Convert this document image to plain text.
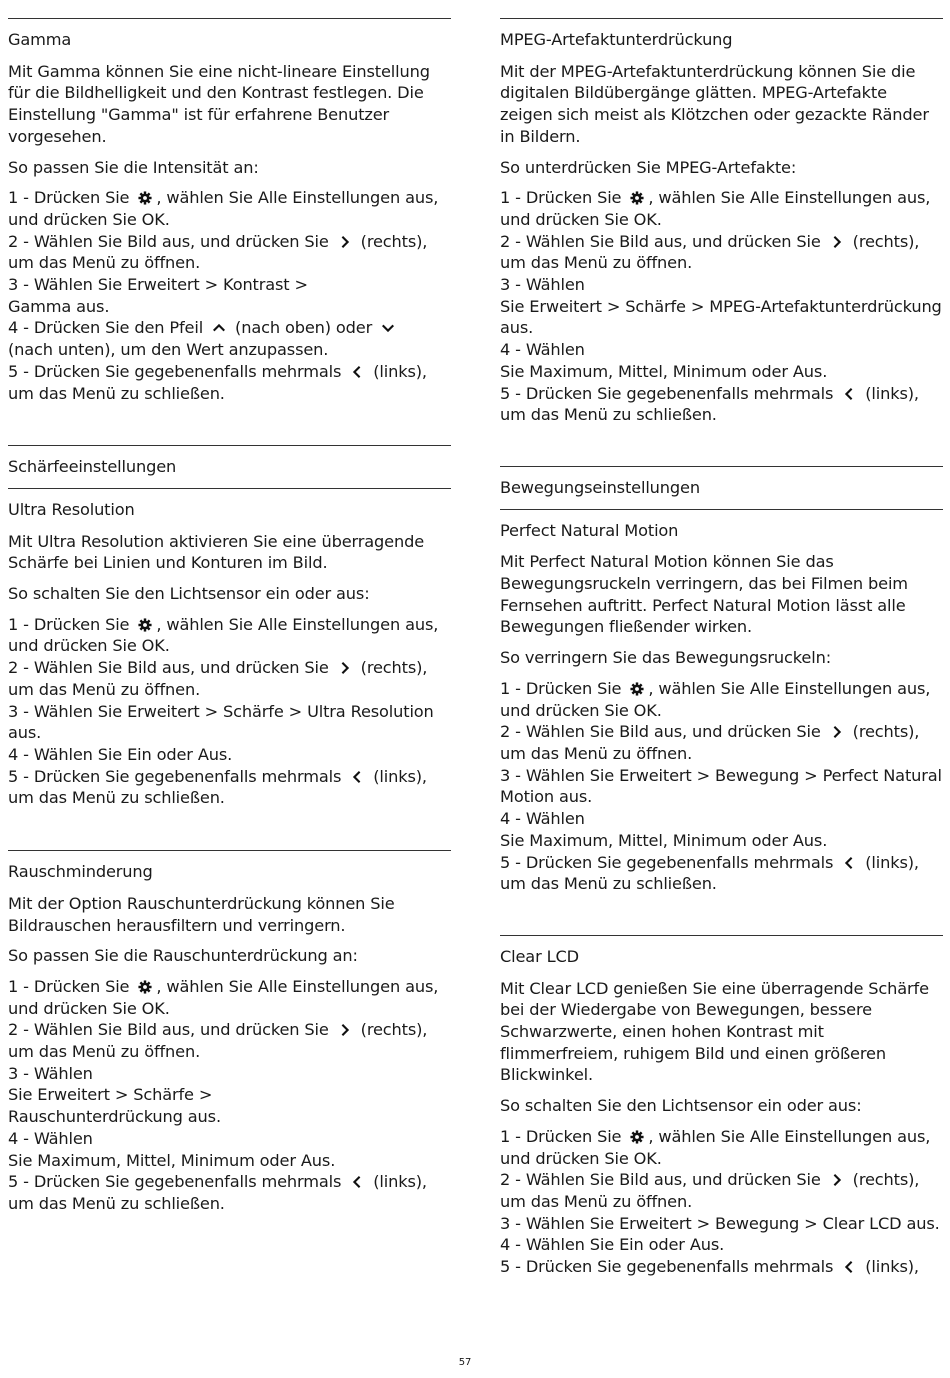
Gamma

Mit Gamma können Sie eine nicht-lineare Einstellung für die Bildhelligkeit und den Kontrast festlegen. Die Einstellung "Gamma" ist für erfahrene Benutzer vorgesehen.

So passen Sie die Intensität an:

1 - Drücken Sie
, wählen Sie Alle Einstellungen aus, und drücken Sie OK.
2 - Wählen Sie Bild aus, und drücken Sie
(rechts), um das Menü zu öffnen.
3 - Wählen Sie Erweitert > Kontrast >
Gamma aus.
4 - Drücken Sie den Pfeil
(nach oben) oder

(nach unten), um den Wert anzupassen.
5 - Drücken Sie gegebenenfalls mehrmals
(links), um das Menü zu schließen.
Schärfeeinstellungen
Ultra Resolution

Mit Ultra Resolution aktivieren Sie eine überragende Schärfe bei Linien und Konturen im Bild.

So schalten Sie den Lichtsensor ein oder aus:

1 - Drücken Sie
, wählen Sie Alle Einstellungen aus, und drücken Sie OK.
2 - Wählen Sie Bild aus, und drücken Sie
(rechts), um das Menü zu öffnen.
3 - Wählen Sie Erweitert > Schärfe > Ultra Resolution aus.
4 - Wählen Sie Ein oder Aus.
5 - Drücken Sie gegebenenfalls mehrmals
(links), um das Menü zu schließen.
Rauschminderung

Mit der Option Rauschunterdrückung können Sie Bildrauschen herausfiltern und verringern.

So passen Sie die Rauschunterdrückung an:

1 - Drücken Sie
, wählen Sie Alle Einstellungen aus, und drücken Sie OK.
2 - Wählen Sie Bild aus, und drücken Sie
(rechts), um das Menü zu öffnen.
3 - Wählen
Sie Erweitert > Schärfe >
Rauschunterdrückung aus.
4 - Wählen
Sie Maximum, Mittel, Minimum oder Aus.
5 - Drücken Sie gegebenenfalls mehrmals
(links), um das Menü zu schließen.
MPEG-Artefaktunterdrückung

Mit der MPEG-Artefaktunterdrückung können Sie die digitalen Bildübergänge glätten. MPEG-Artefakte zeigen sich meist als Klötzchen oder gezackte Ränder in Bildern.

So unterdrücken Sie MPEG-Artefakte:

1 - Drücken Sie
, wählen Sie Alle Einstellungen aus, und drücken Sie OK.
2 - Wählen Sie Bild aus, und drücken Sie
(rechts), um das Menü zu öffnen.
3 - Wählen
Sie Erweitert > Schärfe > MPEG-Artefaktunterdrückung aus.
4 - Wählen
Sie Maximum, Mittel, Minimum oder Aus.
5 - Drücken Sie gegebenenfalls mehrmals
(links), um das Menü zu schließen.
Bewegungseinstellungen
Perfect Natural Motion

Mit Perfect Natural Motion können Sie das Bewegungsruckeln verringern, das bei Filmen beim Fernsehen auftritt. Perfect Natural Motion lässt alle Bewegungen fließender wirken.

So verringern Sie das Bewegungsruckeln:

1 - Drücken Sie
, wählen Sie Alle Einstellungen aus, und drücken Sie OK.
2 - Wählen Sie Bild aus, und drücken Sie
(rechts), um das Menü zu öffnen.
3 - Wählen Sie Erweitert > Bewegung > Perfect Natural Motion aus.
4 - Wählen
Sie Maximum, Mittel, Minimum oder Aus.
5 - Drücken Sie gegebenenfalls mehrmals
(links), um das Menü zu schließen.
Clear LCD

Mit Clear LCD genießen Sie eine überragende Schärfe bei der Wiedergabe von Bewegungen, bessere Schwarzwerte, einen hohen Kontrast mit flimmerfreiem, ruhigem Bild und einen größeren Blickwinkel.

So schalten Sie den Lichtsensor ein oder aus:

1 - Drücken Sie
, wählen Sie Alle Einstellungen aus, und drücken Sie OK.
2 - Wählen Sie Bild aus, und drücken Sie
(rechts), um das Menü zu öffnen.
3 - Wählen Sie Erweitert > Bewegung > Clear LCD aus.
4 - Wählen Sie Ein oder Aus.
5 - Drücken Sie gegebenenfalls mehrmals
(links),
57
